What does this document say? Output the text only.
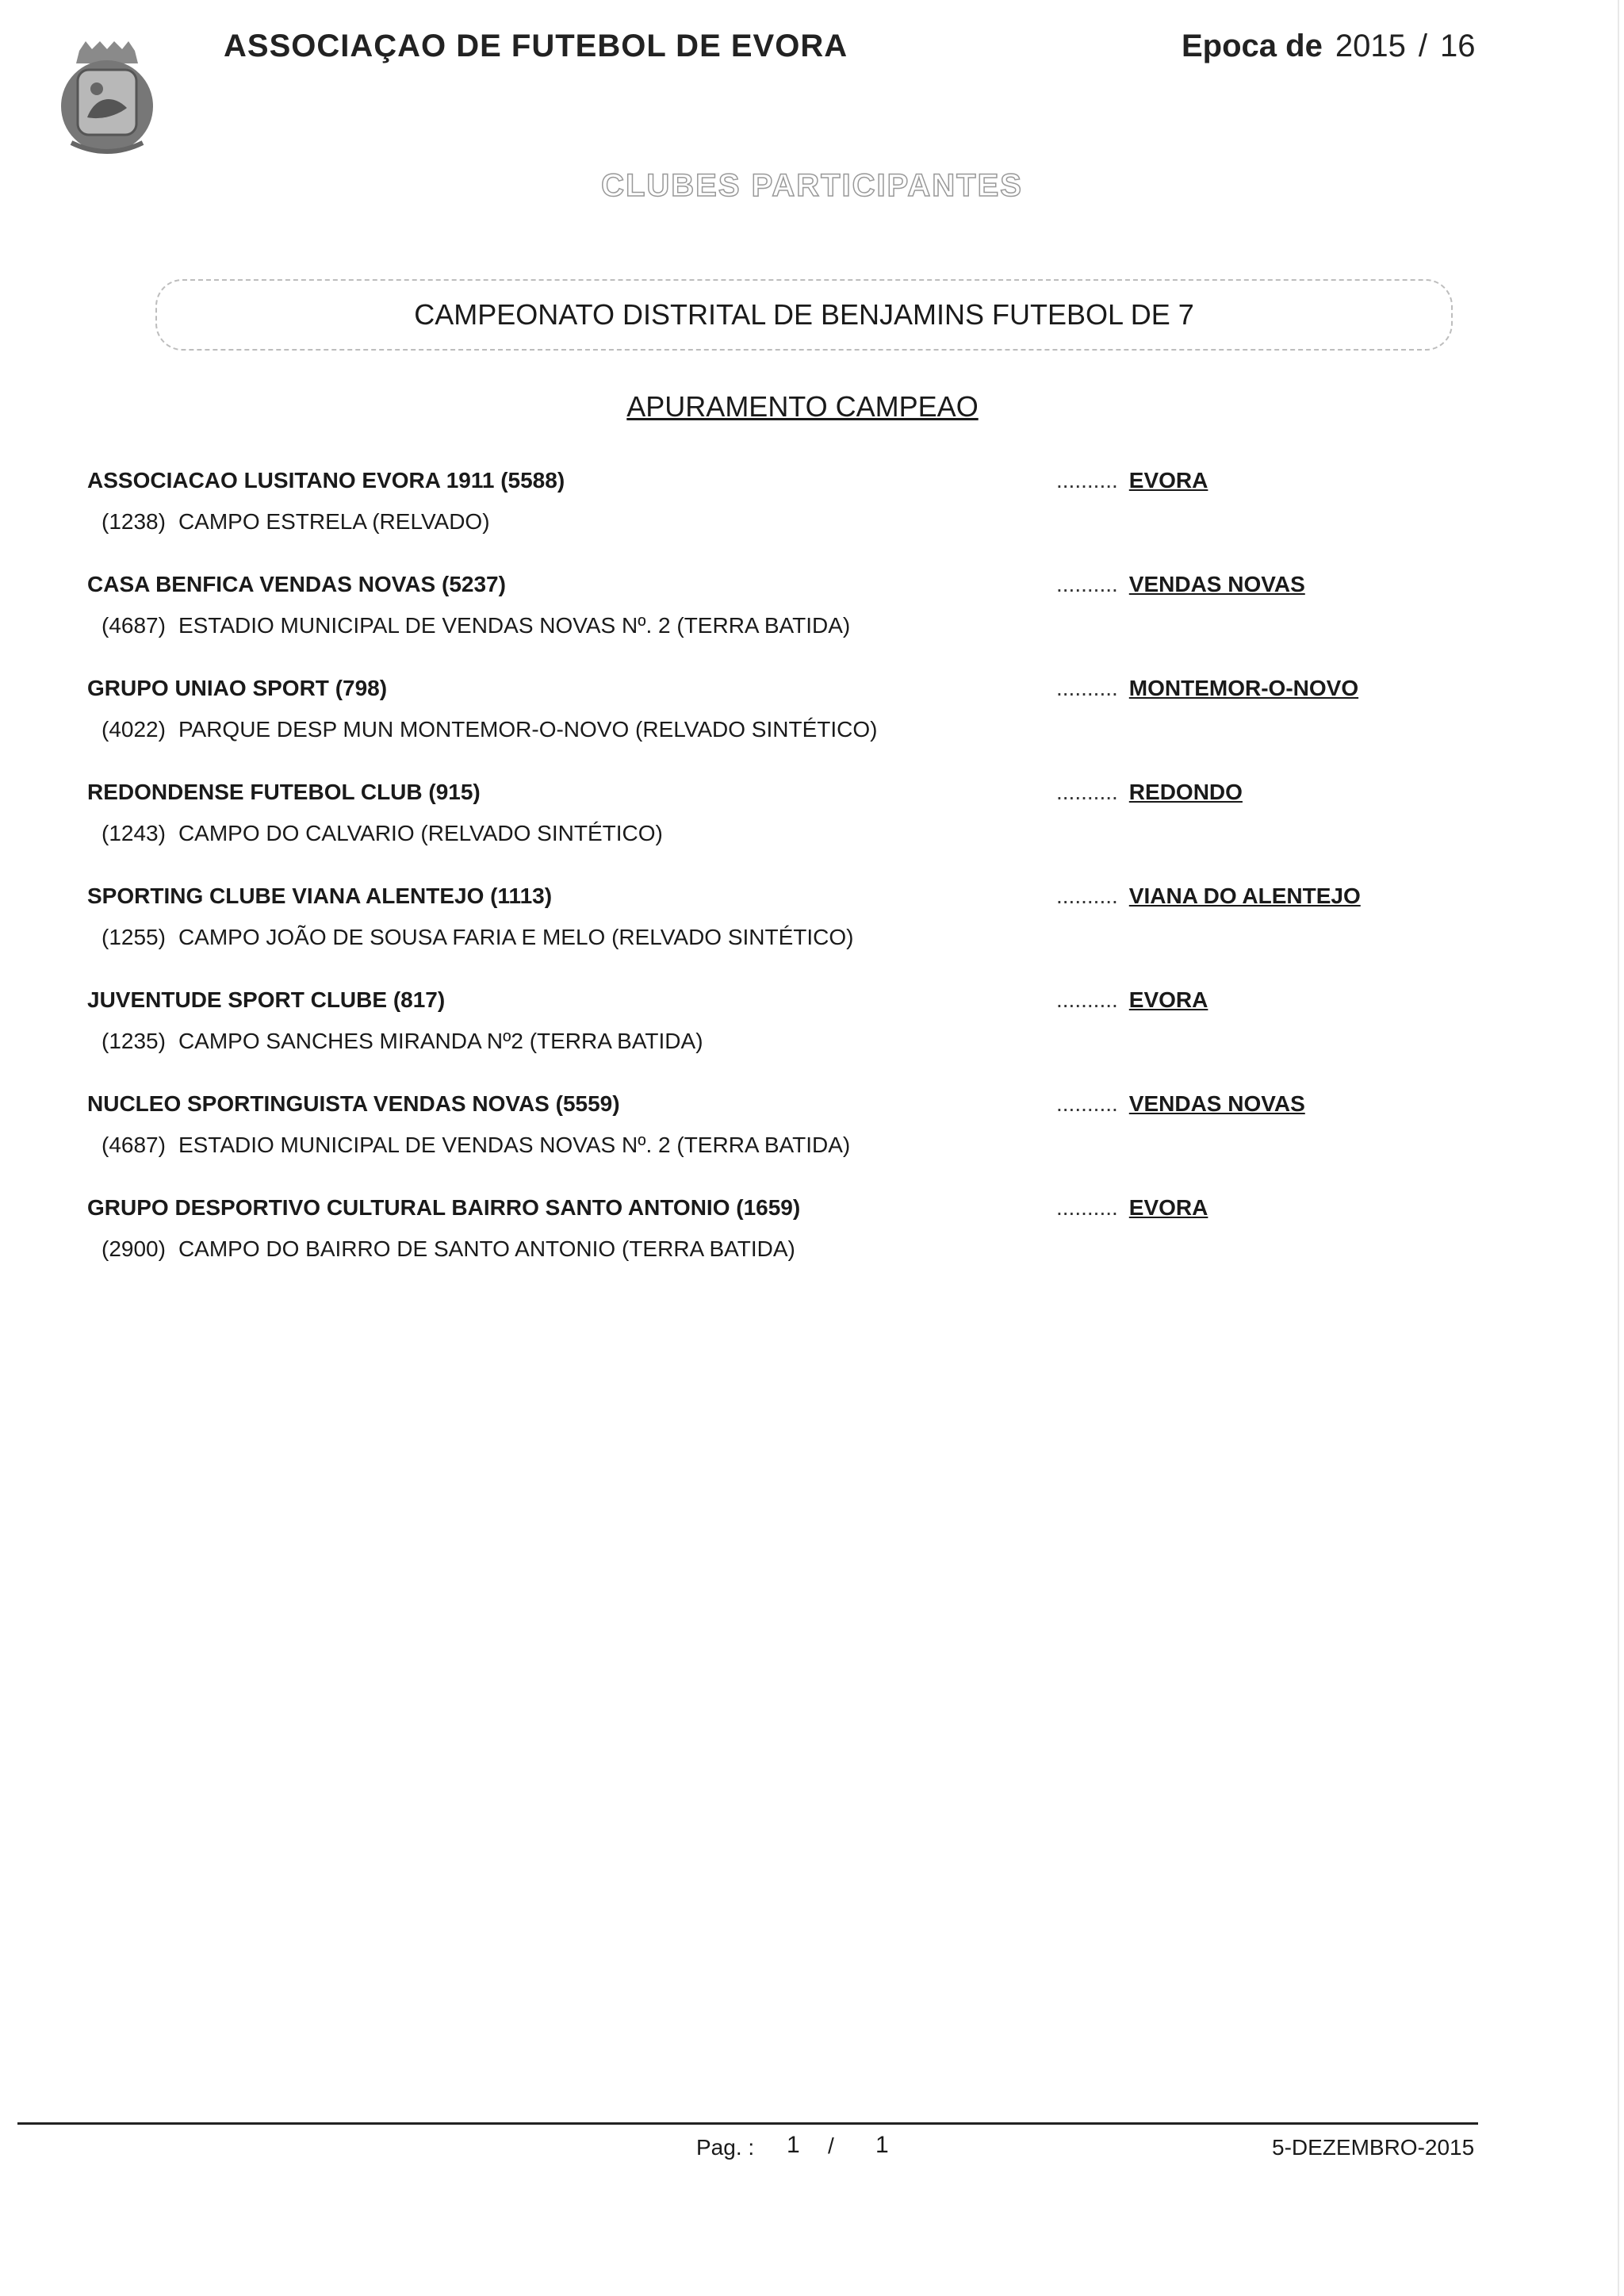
ASSOCIAÇAO DE FUTEBOL DE EVORA	Epoca de 2015 / 16
CLUBES PARTICIPANTES
CAMPEONATO DISTRITAL DE BENJAMINS FUTEBOL DE 7
APURAMENTO CAMPEAO
ASSOCIACAO LUSITANO EVORA 1911 (5588)	.......... EVORA
(1238) CAMPO ESTRELA (RELVADO)
CASA BENFICA VENDAS NOVAS (5237)	.......... VENDAS NOVAS
(4687) ESTADIO MUNICIPAL DE VENDAS NOVAS Nº. 2 (TERRA BATIDA)
GRUPO UNIAO SPORT (798)	.......... MONTEMOR-O-NOVO
(4022) PARQUE DESP MUN MONTEMOR-O-NOVO (RELVADO SINTÉTICO)
REDONDENSE FUTEBOL CLUB (915)	.......... REDONDO
(1243) CAMPO DO CALVARIO (RELVADO SINTÉTICO)
SPORTING CLUBE VIANA ALENTEJO (1113)	.......... VIANA DO ALENTEJO
(1255) CAMPO JOÃO DE SOUSA FARIA E MELO (RELVADO SINTÉTICO)
JUVENTUDE SPORT CLUBE (817)	.......... EVORA
(1235) CAMPO SANCHES MIRANDA Nº2 (TERRA BATIDA)
NUCLEO SPORTINGUISTA VENDAS NOVAS (5559)	.......... VENDAS NOVAS
(4687) ESTADIO MUNICIPAL DE VENDAS NOVAS Nº. 2 (TERRA BATIDA)
GRUPO DESPORTIVO CULTURAL BAIRRO SANTO ANTONIO (1659)	.......... EVORA
(2900) CAMPO DO BAIRRO DE SANTO ANTONIO (TERRA BATIDA)
Pag. : 1 / 1	5-DEZEMBRO-2015
